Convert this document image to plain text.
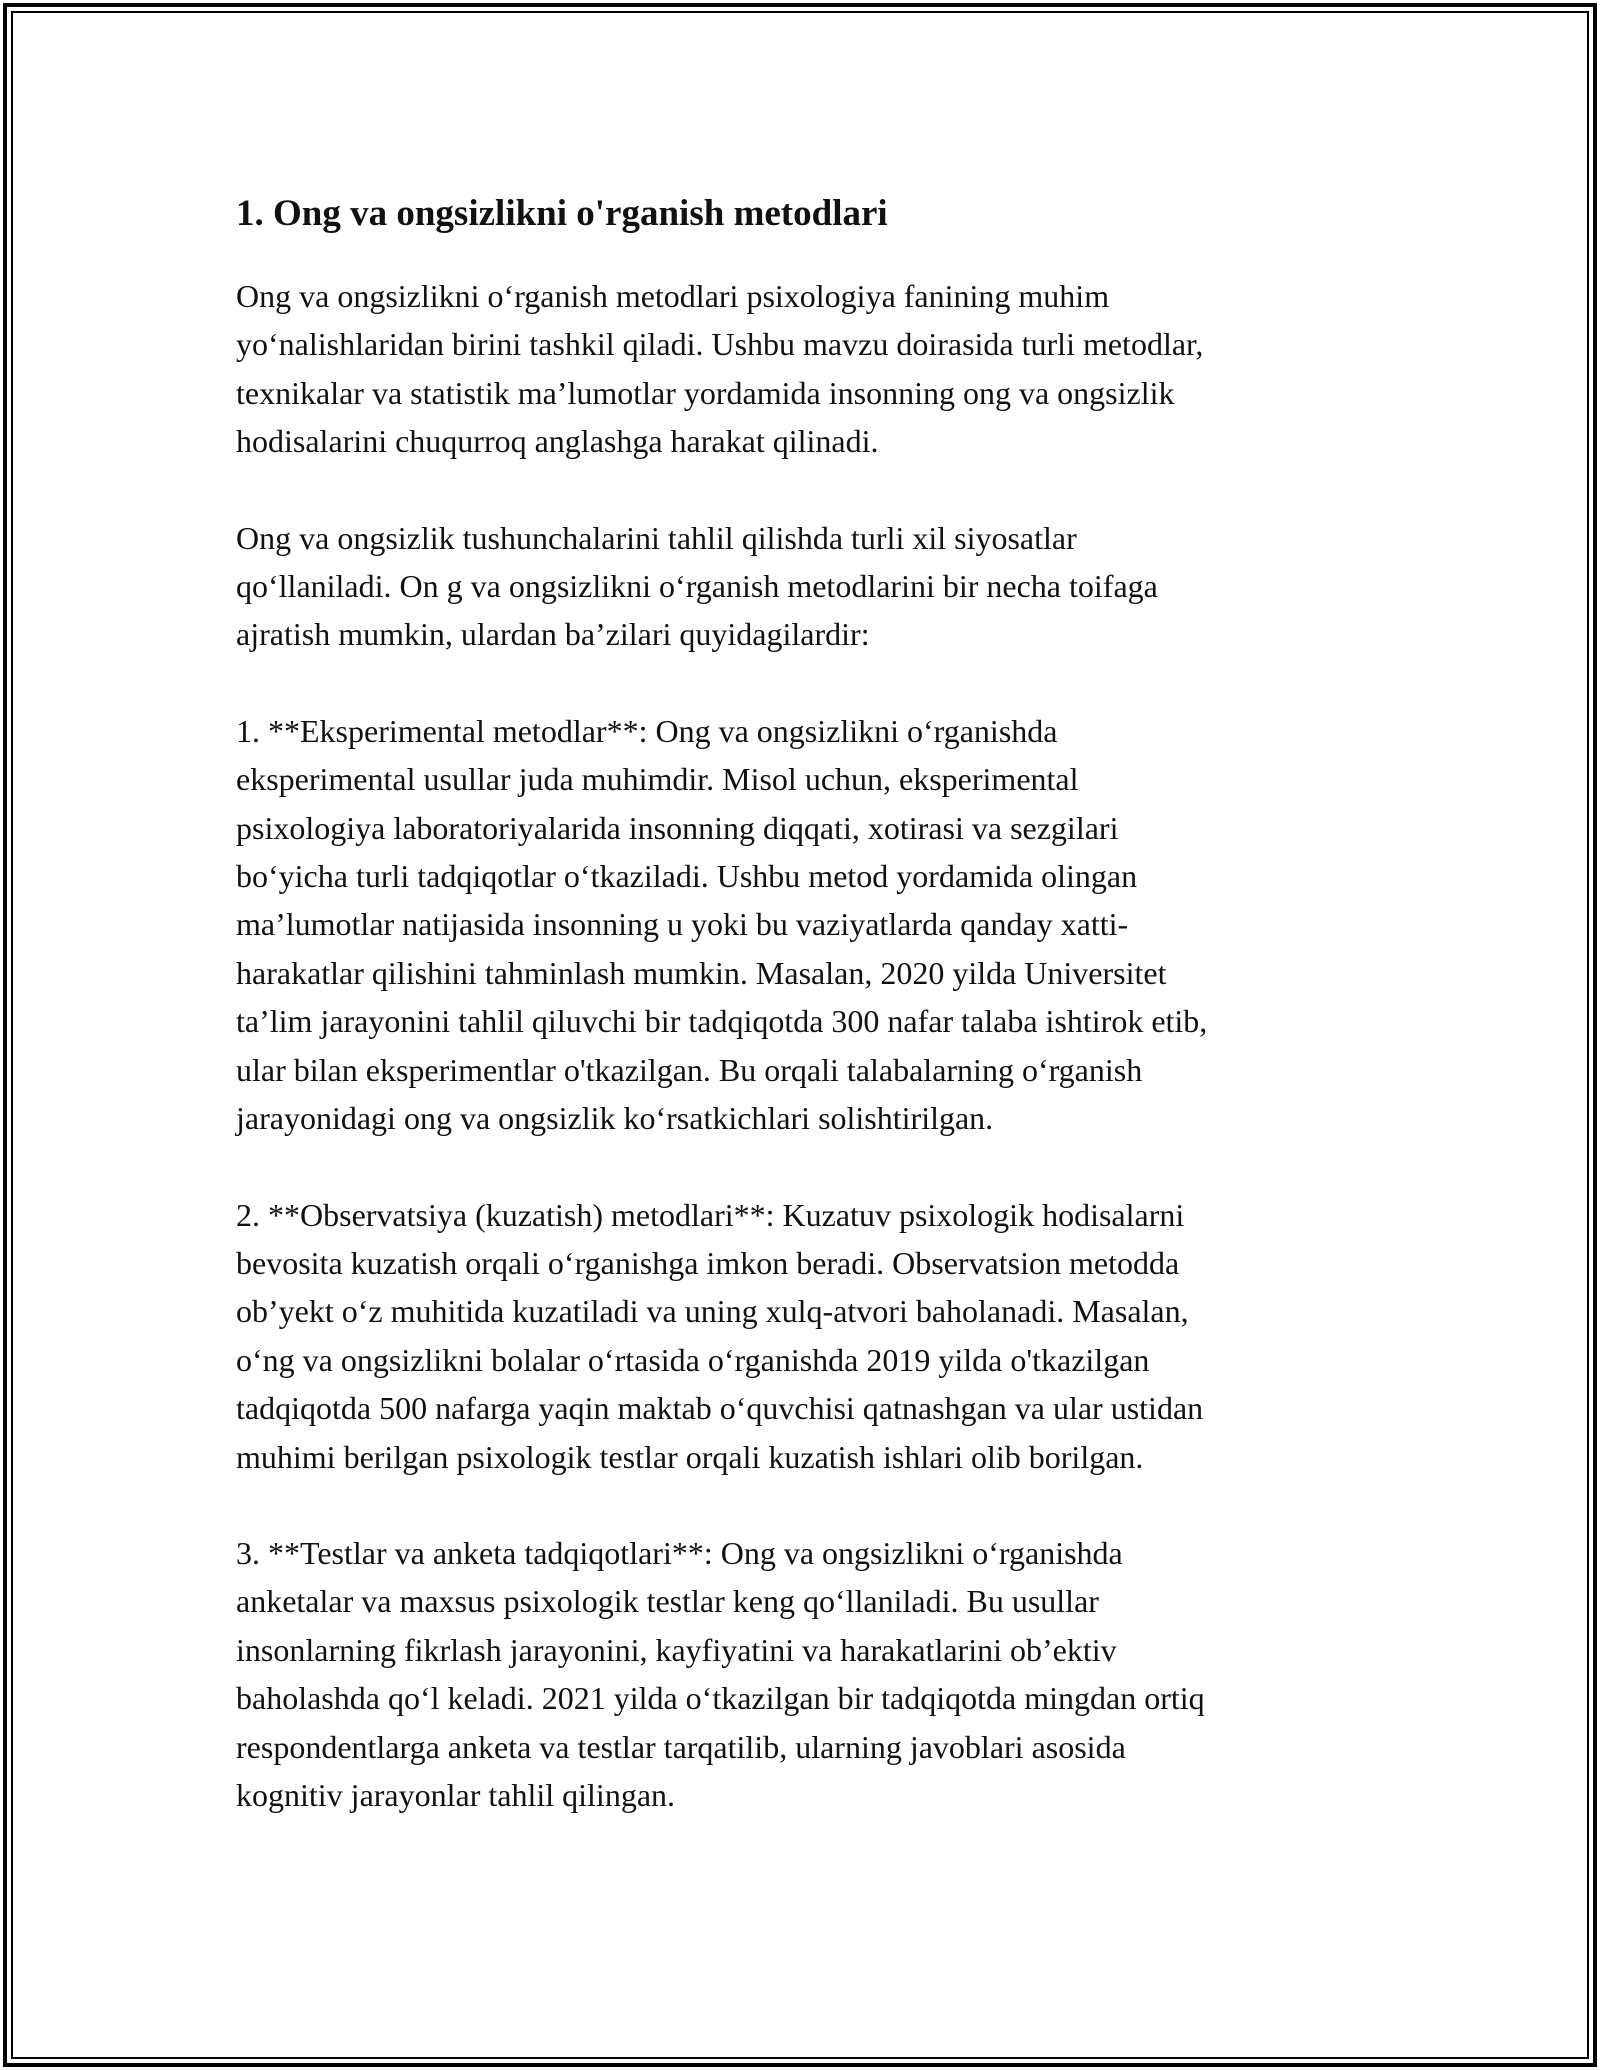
1. Ong va ongsizlikni o'rganish metodlari

Ong va ongsizlikni oʻrganish metodlari psixologiya fanining muhim
yoʻnalishlaridan birini tashkil qiladi. Ushbu mavzu doirasida turli metodlar,
texnikalar va statistik maʼlumotlar yordamida insonning ong va ongsizlik
hodisalarini chuqurroq anglashga harakat qilinadi.

Ong va ongsizlik tushunchalarini tahlil qilishda turli xil siyosatlar
qoʻllaniladi. On g va ongsizlikni oʻrganish metodlarini bir necha toifaga
ajratish mumkin, ulardan baʼzilari quyidagilardir:

1. **Eksperimental metodlar**: Ong va ongsizlikni oʻrganishda
eksperimental usullar juda muhimdir. Misol uchun, eksperimental
psixologiya laboratoriyalarida insonning diqqati, xotirasi va sezgilari
boʻyicha turli tadqiqotlar oʻtkaziladi. Ushbu metod yordamida olingan
maʼlumotlar natijasida insonning u yoki bu vaziyatlarda qanday xatti-
harakatlar qilishini tahminlash mumkin. Masalan, 2020 yilda Universitet
taʼlim jarayonini tahlil qiluvchi bir tadqiqotda 300 nafar talaba ishtirok etib,
ular bilan eksperimentlar o'tkazilgan. Bu orqali talabalarning oʻrganish
jarayonidagi ong va ongsizlik koʻrsatkichlari solishtirilgan.

2. **Observatsiya (kuzatish) metodlari**: Kuzatuv psixologik hodisalarni
bevosita kuzatish orqali oʻrganishga imkon beradi. Observatsion metodda
obʼyekt oʻz muhitida kuzatiladi va uning xulq-atvori baholanadi. Masalan,
oʻng va ongsizlikni bolalar oʻrtasida oʻrganishda 2019 yilda o'tkazilgan
tadqiqotda 500 nafarga yaqin maktab oʻquvchisi qatnashgan va ular ustidan
muhimi berilgan psixologik testlar orqali kuzatish ishlari olib borilgan.

3. **Testlar va anketa tadqiqotlari**: Ong va ongsizlikni oʻrganishda
anketalar va maxsus psixologik testlar keng qoʻllaniladi. Bu usullar
insonlarning fikrlash jarayonini, kayfiyatini va harakatlarini obʼektiv
baholashda qoʻl keladi. 2021 yilda oʻtkazilgan bir tadqiqotda mingdan ortiq
respondentlarga anketa va testlar tarqatilib, ularning javoblari asosida
kognitiv jarayonlar tahlil qilingan.
